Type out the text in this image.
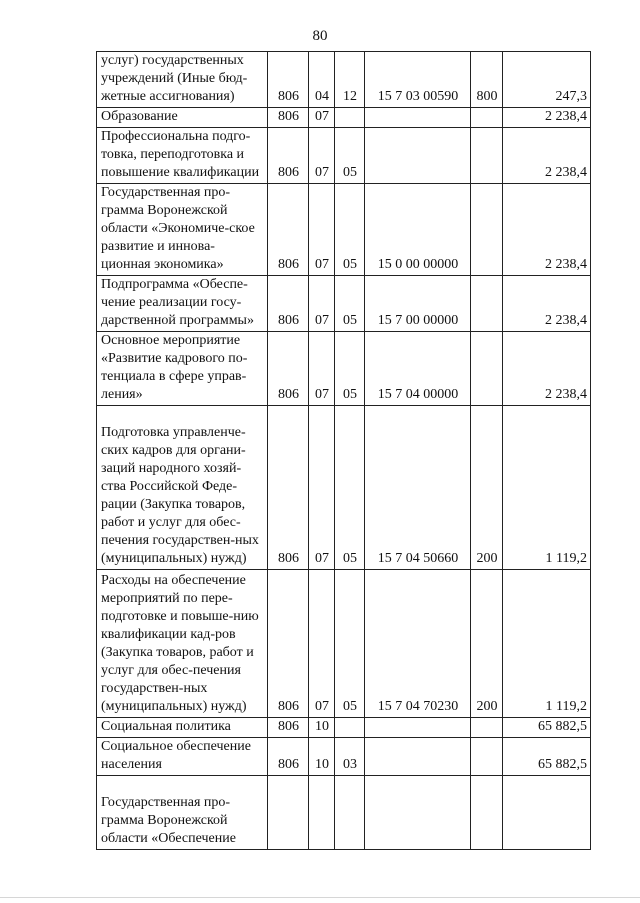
80
услуг) государственных учреждений (Иные бюд-жетные ассигнования)	806	04	12	15 7 03 00590	800	247,3
Образование	806	07				2 238,4
Профессиональна подго-товка, переподготовка и повышение квалификации	806	07	05			2 238,4
Государственная про-грамма Воронежской области «Экономиче-ское развитие и иннова-ционная экономика»	806	07	05	15 0 00 00000		2 238,4
Подпрограмма «Обеспе-чение реализации госу-дарственной программы»	806	07	05	15 7 00 00000		2 238,4
Основное мероприятие «Развитие кадрового по-тенциала в сфере управ-ления»	806	07	05	15 7 04 00000		2 238,4
Подготовка управленче-ских кадров для органи-заций народного хозяй-ства Российской Феде-рации (Закупка товаров, работ и услуг для обес-печения государствен-ных (муниципальных) нужд)	806	07	05	15 7 04 50660	200	1 119,2
Расходы на обеспечение мероприятий по пере-подготовке и повыше-нию квалификации кад-ров (Закупка товаров, работ и услуг для обес-печения государствен-ных (муниципальных) нужд)	806	07	05	15 7 04 70230	200	1 119,2
Социальная политика	806	10				65 882,5
Социальное обеспечение населения	806	10	03			65 882,5
Государственная про-грамма Воронежской области «Обеспечение						
